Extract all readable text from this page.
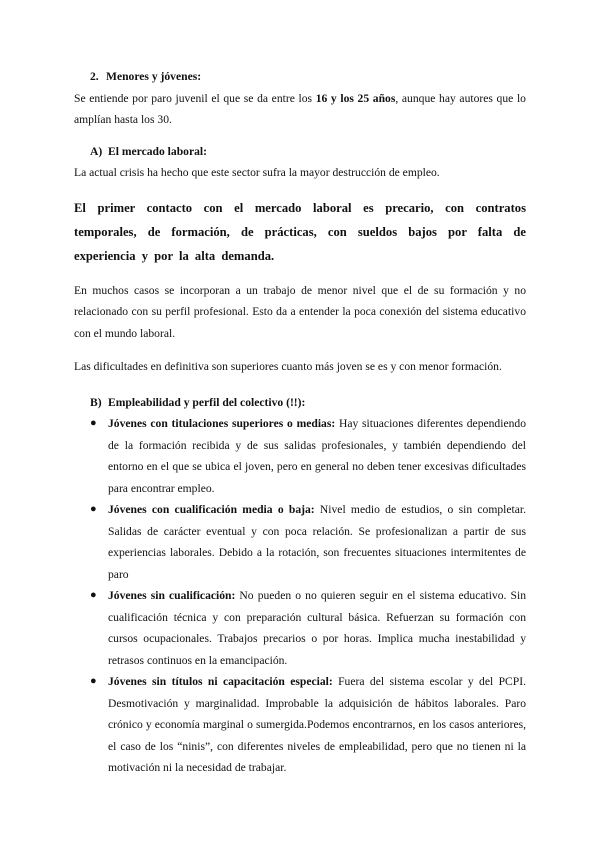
2. Menores y jóvenes:

Se entiende por paro juvenil el que se da entre los 16 y los 25 años, aunque hay autores que lo amplían hasta los 30.

A) El mercado laboral:

La actual crisis ha hecho que este sector sufra la mayor destrucción de empleo.

El primer contacto con el mercado laboral es precario, con contratos temporales, de formación, de prácticas, con sueldos bajos por falta de experiencia y por la alta demanda.

En muchos casos se incorporan a un trabajo de menor nivel que el de su formación y no relacionado con su perfil profesional. Esto da a entender la poca conexión del sistema educativo con el mundo laboral.

Las dificultades en definitiva son superiores cuanto más joven se es y con menor formación.

B) Empleabilidad y perfil del colectivo (!!):

● Jóvenes con titulaciones superiores o medias: Hay situaciones diferentes dependiendo de la formación recibida y de sus salidas profesionales, y también dependiendo del entorno en el que se ubica el joven, pero en general no deben tener excesivas dificultades para encontrar empleo.
● Jóvenes con cualificación media o baja: Nivel medio de estudios, o sin completar. Salidas de carácter eventual y con poca relación. Se profesionalizan a partir de sus experiencias laborales. Debido a la rotación, son frecuentes situaciones intermitentes de paro
● Jóvenes sin cualificación: No pueden o no quieren seguir en el sistema educativo. Sin cualificación técnica y con preparación cultural básica. Refuerzan su formación con cursos ocupacionales. Trabajos precarios o por horas. Implica mucha inestabilidad y retrasos continuos en la emancipación.
● Jóvenes sin títulos ni capacitación especial: Fuera del sistema escolar y del PCPI. Desmotivación y marginalidad. Improbable la adquisición de hábitos laborales. Paro crónico y economía marginal o sumergida.Podemos encontrarnos, en los casos anteriores, el caso de los “ninis”, con diferentes niveles de empleabilidad, pero que no tienen ni la motivación ni la necesidad de trabajar.
